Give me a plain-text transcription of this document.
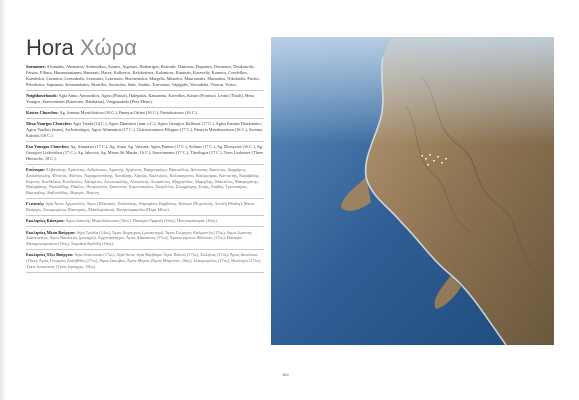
Hora Χώρα

Surnames: Alvanakis, Amanatos, Andronikos, Arianis, Argentos, Barbarigos, Bratsalis, Dantseas, Dapontes, Darmaros, Doukatsolis, Fetsias, Filinos, Haramountanes, Hanazais, Harza, Kallyeros, Kalokerinos, Kalomiras, Kantistis, Karavelis, Komnos, Condelkos, Kondeslos, Lazaritos, Leotsakolis, Leousinis, Lourantos, Machernidos, Margelis, Mastelos, Mauromatis, Mazarakis, Nikolaidis, Pavlos, Petrokolos, Sapounas, Sementakalos, Skorillos, Sotiriohis, Stais, Stathis, Travsiaras, Vaptgalis, Vavoulidis, Vererin, Vorini.

Neighbourhoods: Agia Anna, Ammonlios, Agios (Platsia), Halepakis, Kamaretta, Karvellas, Kastro (Portitsa), Lesini (Thiali), Mesa Vourgos, Stavromenos (Kaneraes, Balabaina), Vangsarakela (Pera Meno).

Kastro Churches: Ag. Ioannis Myrtidiotissa (16 C.), Panayia Orfani (16 C.), Pantokratoras (16 C.).

Mesa Vourgos Churches: Agia Triada (14 C.), Agios Dimitrios (nun. s.C.), Agios Georgios Kalfonzi (17 C.), Agios Ioannis Diaskanitos, Agios Vasilios (nuns), Archistratigos, Agios Athanasios (17 C.), Christotominos-Filippos (17 C.), Panayia Mesabourtissa (16 C.), Soriana Kalodis (16 C.).

Exo Vourgos Churches: Ag. Anastasia (17 C.), Ag. Anna, Ag. Varvara, Agios Panton (17 C.), Solinas (17 C.), Ag. Dionysios (16 C.), Ag. Georgios Lodovithos (17 C.), Ag. Iakovos, Ag. Minas (St Martin, 16 C.), Stavromenos (17 C.), Theologos (17 C.), Tress Lesketses (Three Hierarchs, 18 C.).

Επώνυμα: Αλβανάκης, Αμανάτος, Ανδρόνικος, Αριανής, Αργέντος, Βαρμπαρίγος, Βρατσάλης, Δάντσεας, Δαπόντες, Δαρμάρος, Δουκατσώλης, Φετσιάς, Φιλίνος, Χαραμουντάνης, Χανάζαης, Χάρζας, Καλλιέρος, Καλοκαιρινός, Καλομοίρας, Καντιστής, Καραβέλης, Κόμνος, Κονδέλκος, Κονδέσλος, Λαζαρίτος, Λεωτσακόλης, Λεουσίνης, Λουράντος, Μαχερνίδος, Μαργέλης, Μαστέλος, Μαυρομάτης, Μαζαράκης, Νικολαΐδης, Παύλος, Πετροκόλος, Σαπουνάς, Σεμεντακάλος, Σκορίλλος, Σωτηριόχης, Στάης, Σταθής, Τραυσιάρας, Βαπτγάλης, Βαβουλίδης, Βερερίν, Βορίνη.

Γειτονιές: Αγία Άννα, Αμμωνλιός, Αγιος (Πλατσιά), Χαλεπάκης, Καμαρέτα, Καρβέλας, Κάστρο (Πορτίτσα), Λεσίνη (Θιάλη), Μέσα Βούργος, Σταυρωμένος (Κανεραές, Μπαλαμπάινα), Βανγκσαρακέλα (Πέρα Μένο).

Εκκλησίες Κάστρου: Άγιος Ιωάννης Μυρτιδιώτισσα (16ος), Παναγία Ορφανή (16ος), Παντοκράτορας (16ος).

Εκκλησίες Μέσα Βούργου: Αγία Τριάδα (14ος), Άγιος Δημήτριος (μοναστήρι), Άγιος Γεώργιος Καλφόντζη (17ος), Άγιος Ιωάννης Διασκανίτος, Άγιος Βασίλειος (μοναχές), Αρχιστράτηγος, Άγιος Αθανάσιος (17ος), Χριστοτόμινος-Φίλιππος (17ος), Παναγία Μεσαμπουρτίσσα (16ος), Σωριάνα Καλόδη (16ος).

Εκκλησίες Έξω Βούργου: Αγία Αναστασία (17ος), Αγία Άννα, Αγία Βαρβάρα, Άγιοι Πάντες (17ος), Σωλήνας (17ος), Άγιος Διονύσιος (16ος), Άγιος Γεώργιος Λοδοβίθος (17ος), Άγιος Ιάκωβος, Άγιος Μηνάς (Άγιος Μαρτίνος, 16ος), Σταυρωμένος (17ος), Θεολόγος (17ος), Τρεις Λεσκέτσες (Τρεις Ιεράρχες, 18ος).

164
